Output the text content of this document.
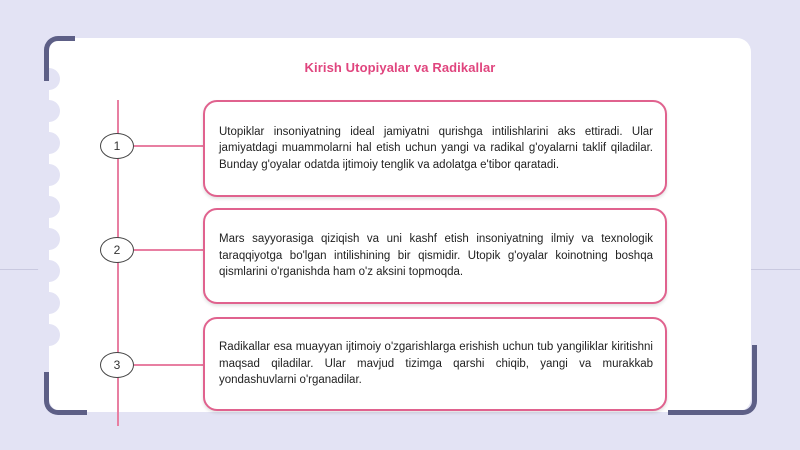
Kirish Utopiyalar va Radikallar
1
2
3

Utopiklar insoniyatning ideal jamiyatni qurishga intilishlarini aks ettiradi. Ular jamiyatdagi muammolarni hal etish uchun yangi va radikal g'oyalarni taklif qiladilar. Bunday g'oyalar odatda ijtimoiy tenglik va adolatga e'tibor qaratadi.

Mars sayyorasiga qiziqish va uni kashf etish insoniyatning ilmiy va texnologik taraqqiyotga bo'lgan intilishining bir qismidir. Utopik g'oyalar koinotning boshqa qismlarini o'rganishda ham o'z aksini topmoqda.

Radikallar esa muayyan ijtimoiy o'zgarishlarga erishish uchun tub yangiliklar kiritishni maqsad qiladilar. Ular mavjud tizimga qarshi chiqib, yangi va murakkab yondashuvlarni o'rganadilar.
